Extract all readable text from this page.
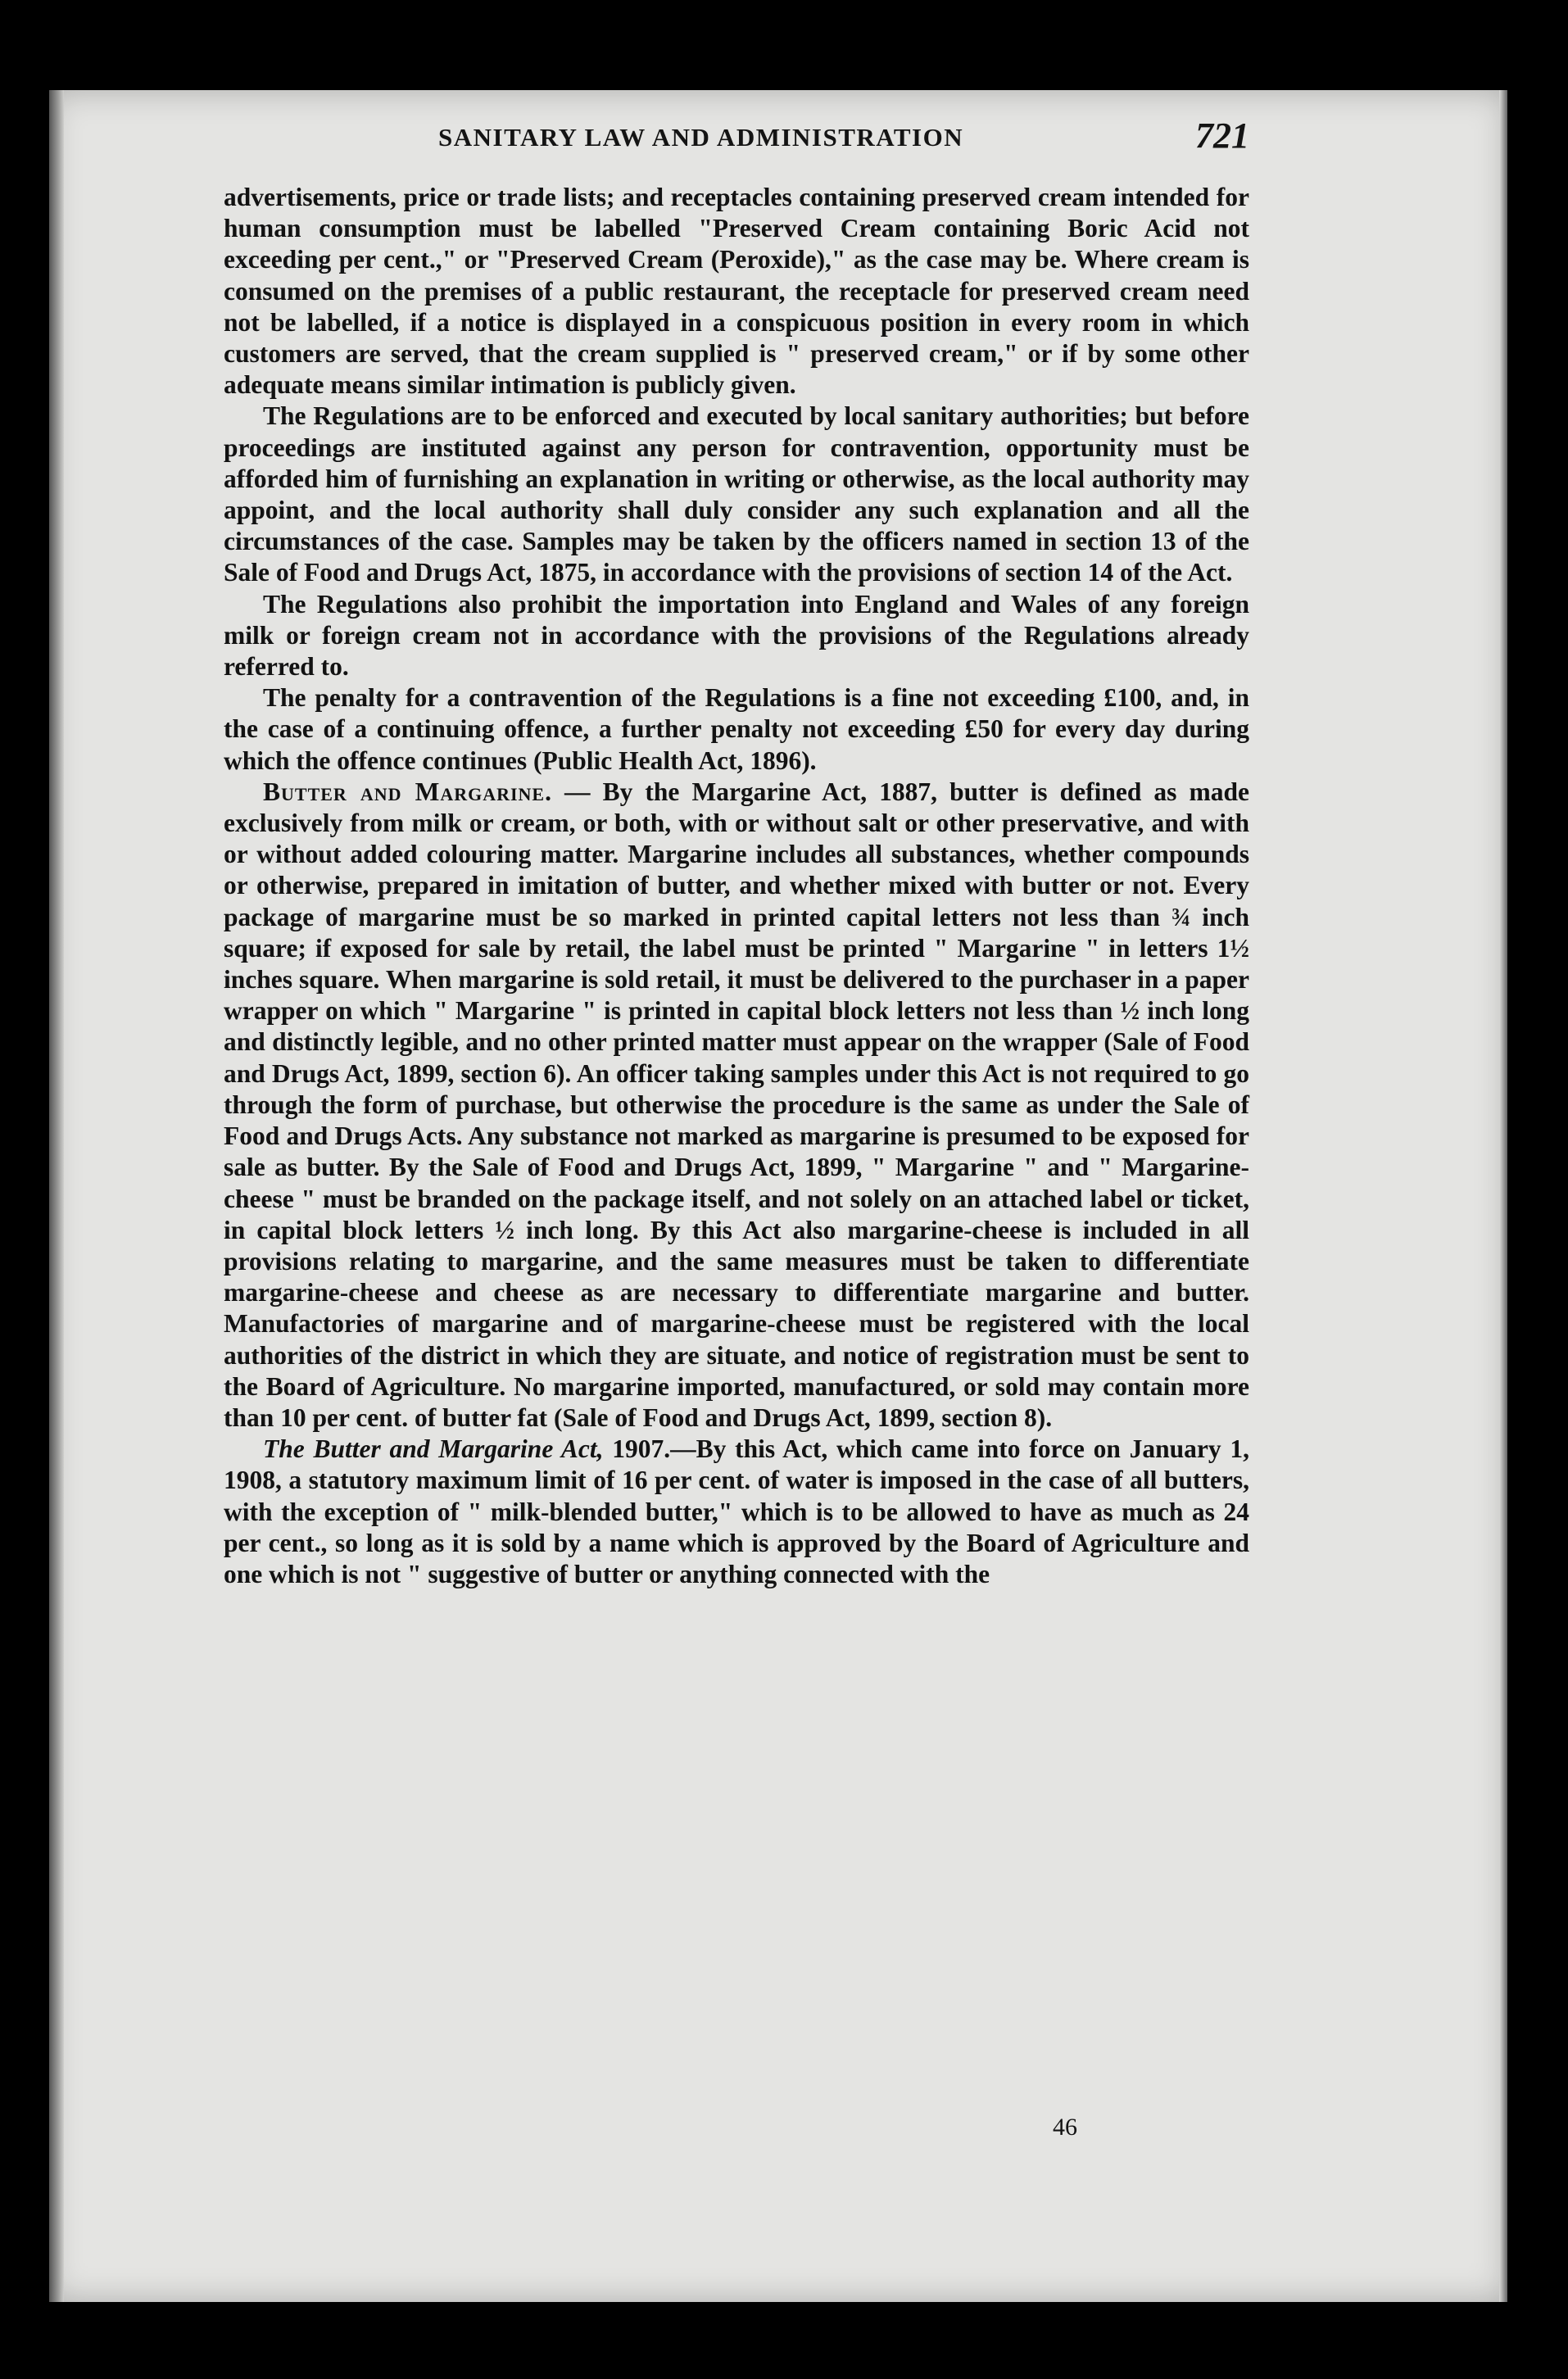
SANITARY LAW AND ADMINISTRATION	721

advertisements, price or trade lists; and receptacles containing preserved cream intended for human consumption must be labelled "Preserved Cream containing Boric Acid not exceeding per cent.," or "Preserved Cream (Peroxide)," as the case may be. Where cream is consumed on the premises of a public restaurant, the receptacle for preserved cream need not be labelled, if a notice is displayed in a conspicuous position in every room in which customers are served, that the cream supplied is " preserved cream," or if by some other adequate means similar intimation is publicly given.

The Regulations are to be enforced and executed by local sanitary authorities; but before proceedings are instituted against any person for contravention, opportunity must be afforded him of furnishing an explanation in writing or otherwise, as the local authority may appoint, and the local authority shall duly consider any such explanation and all the circumstances of the case. Samples may be taken by the officers named in section 13 of the Sale of Food and Drugs Act, 1875, in accordance with the provisions of section 14 of the Act.

The Regulations also prohibit the importation into England and Wales of any foreign milk or foreign cream not in accordance with the provisions of the Regulations already referred to.

The penalty for a contravention of the Regulations is a fine not exceeding £100, and, in the case of a continuing offence, a further penalty not exceeding £50 for every day during which the offence continues (Public Health Act, 1896).

Butter and Margarine. — By the Margarine Act, 1887, butter is defined as made exclusively from milk or cream, or both, with or without salt or other preservative, and with or without added colouring matter. Margarine includes all substances, whether compounds or otherwise, prepared in imitation of butter, and whether mixed with butter or not. Every package of margarine must be so marked in printed capital letters not less than ¾ inch square; if exposed for sale by retail, the label must be printed " Margarine " in letters 1½ inches square. When margarine is sold retail, it must be delivered to the purchaser in a paper wrapper on which " Margarine " is printed in capital block letters not less than ½ inch long and distinctly legible, and no other printed matter must appear on the wrapper (Sale of Food and Drugs Act, 1899, section 6). An officer taking samples under this Act is not required to go through the form of purchase, but otherwise the procedure is the same as under the Sale of Food and Drugs Acts. Any substance not marked as margarine is presumed to be exposed for sale as butter. By the Sale of Food and Drugs Act, 1899, " Margarine " and " Margarine-cheese " must be branded on the package itself, and not solely on an attached label or ticket, in capital block letters ½ inch long. By this Act also margarine-cheese is included in all provisions relating to margarine, and the same measures must be taken to differentiate margarine-cheese and cheese as are necessary to differentiate margarine and butter. Manufactories of margarine and of margarine-cheese must be registered with the local authorities of the district in which they are situate, and notice of registration must be sent to the Board of Agriculture. No margarine imported, manufactured, or sold may contain more than 10 per cent. of butter fat (Sale of Food and Drugs Act, 1899, section 8).

The Butter and Margarine Act, 1907.—By this Act, which came into force on January 1, 1908, a statutory maximum limit of 16 per cent. of water is imposed in the case of all butters, with the exception of " milk-blended butter," which is to be allowed to have as much as 24 per cent., so long as it is sold by a name which is approved by the Board of Agriculture and one which is not " suggestive of butter or anything connected with the

46
